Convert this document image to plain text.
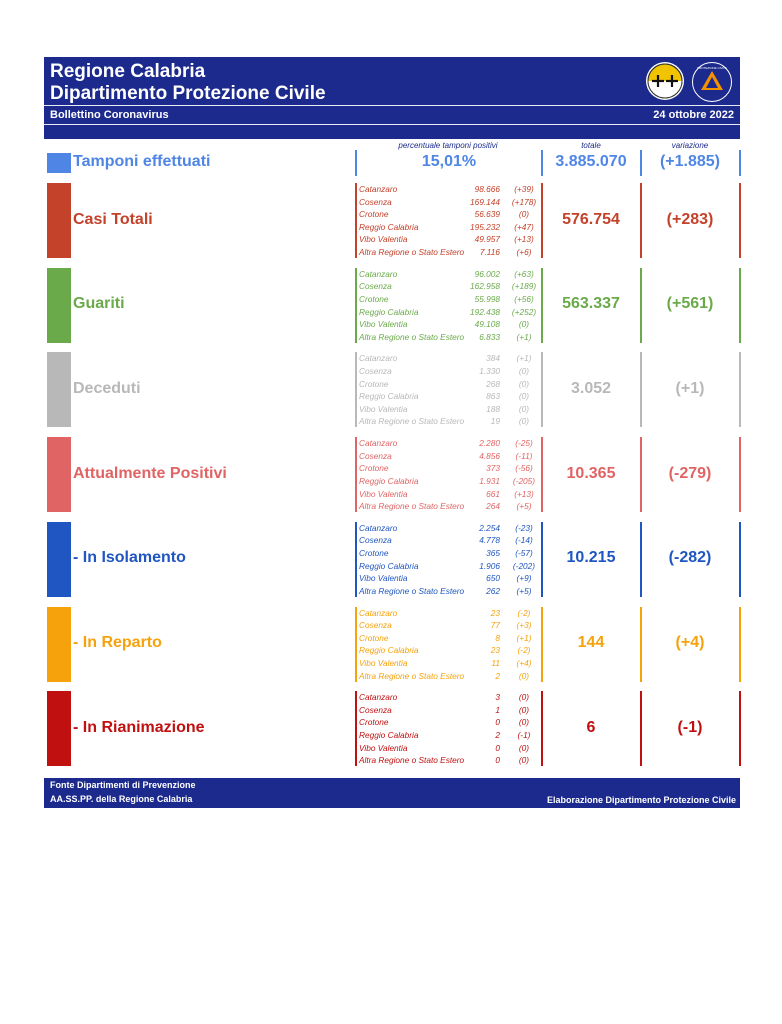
Regione Calabria
Dipartimento Protezione Civile
Bollettino Coronavirus	24 ottobre 2022
PROTEZIONE CIVILE
percentuale tamponi positivi	totale	variazione
Tamponi effettuati	15,01%	3.885.070	(+1.885)
Casi Totali
Catanzaro	98.666	(+39)
Cosenza	169.144	(+178)
Crotone	56.639	(0)
Reggio Calabria	195.232	(+47)
Vibo Valentia	49.957	(+13)
Altra Regione o Stato Estero	7.116	(+6)
576.754	(+283)
Guariti
Catanzaro	96.002	(+63)
Cosenza	162.958	(+189)
Crotone	55.998	(+56)
Reggio Calabria	192.438	(+252)
Vibo Valentia	49.108	(0)
Altra Regione o Stato Estero	6.833	(+1)
563.337	(+561)
Deceduti
Catanzaro	384	(+1)
Cosenza	1.330	(0)
Crotone	268	(0)
Reggio Calabria	863	(0)
Vibo Valentia	188	(0)
Altra Regione o Stato Estero	19	(0)
3.052	(+1)
Attualmente Positivi
Catanzaro	2.280	(-25)
Cosenza	4.856	(-11)
Crotone	373	(-56)
Reggio Calabria	1.931	(-205)
Vibo Valentia	661	(+13)
Altra Regione o Stato Estero	264	(+5)
10.365	(-279)
- In Isolamento
Catanzaro	2.254	(-23)
Cosenza	4.778	(-14)
Crotone	365	(-57)
Reggio Calabria	1.906	(-202)
Vibo Valentia	650	(+9)
Altra Regione o Stato Estero	262	(+5)
10.215	(-282)
- In Reparto
Catanzaro	23	(-2)
Cosenza	77	(+3)
Crotone	8	(+1)
Reggio Calabria	23	(-2)
Vibo Valentia	11	(+4)
Altra Regione o Stato Estero	2	(0)
144	(+4)
- In Rianimazione
Catanzaro	3	(0)
Cosenza	1	(0)
Crotone	0	(0)
Reggio Calabria	2	(-1)
Vibo Valentia	0	(0)
Altra Regione o Stato Estero	0	(0)
6	(-1)
Fonte Dipartimenti di Prevenzione
AA.SS.PP. della Regione Calabria	Elaborazione Dipartimento Protezione Civile
